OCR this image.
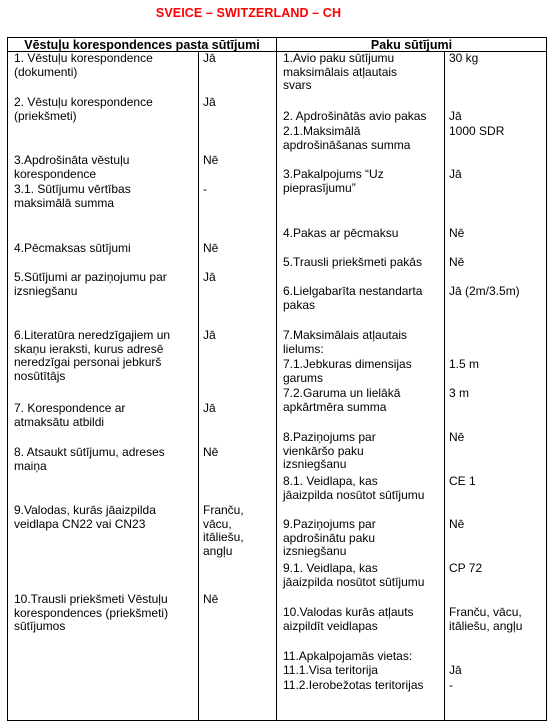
SVEICE – SWITZERLAND – CH
Vēstuļu korespondences pasta sūtījumi	Paku sūtījumi
1. Vēstuļu korespondence
(dokumenti)
Jā
2. Vēstuļu korespondence
(priekšmeti)
Jā
3.Apdrošināta vēstuļu
korespondence
Nē
3.1. Sūtījumu vērtības
maksimālā summa
-
4.Pēcmaksas sūtījumi	Nē
5.Sūtījumi ar paziņojumu par
izsniegšanu
Jā
6.Literatūra neredzīgajiem un
skaņu ieraksti, kurus adresē
neredzīgai personai jebkurš
nosūtītājs
Jā
7. Korespondence ar
atmaksātu atbildi
Jā
8. Atsaukt sūtījumu, adreses
maiņa
Nē
9.Valodas, kurās jāaizpilda
veidlapa CN22 vai CN23
Franču,
vācu,
itāliešu,
angļu
10.Trausli priekšmeti Vēstuļu
korespondences (priekšmeti)
sūtījumos
Nē
1.Avio paku sūtījumu
maksimālais atļautais
svars
30 kg
2. Apdrošinātās avio pakas Jā
2.1.Maksimālā
apdrošināšanas summa
1000 SDR
3.Pakalpojums “Uz
pieprasījumu”
Jā
4.Pakas ar pēcmaksu	Nē
5.Trausli priekšmeti pakās Nē
6.Lielgabarīta nestandarta
pakas
Jā (2m/3.5m)
7.Maksimālais atļautais
lielums:
7.1.Jebkuras dimensijas
garums
1.5 m
7.2.Garuma un lielākā
apkārtmēra summa
3 m
8.Paziņojums par
vienkāršo paku
izsniegšanu
Nē
8.1. Veidlapa, kas
jāaizpilda nosūtot sūtījumu
CE 1
9.Paziņojums par
apdrošinātu paku
izsniegšanu
Nē
9.1. Veidlapa, kas
jāaizpilda nosūtot sūtījumu
CP 72
10.Valodas kurās atļauts
aizpildīt veidlapas
Franču, vācu,
itāliešu, angļu
11.Apkalpojamās vietas:
11.1.Visa teritorija	Jā
11.2.Ierobežotas teritorijas -
